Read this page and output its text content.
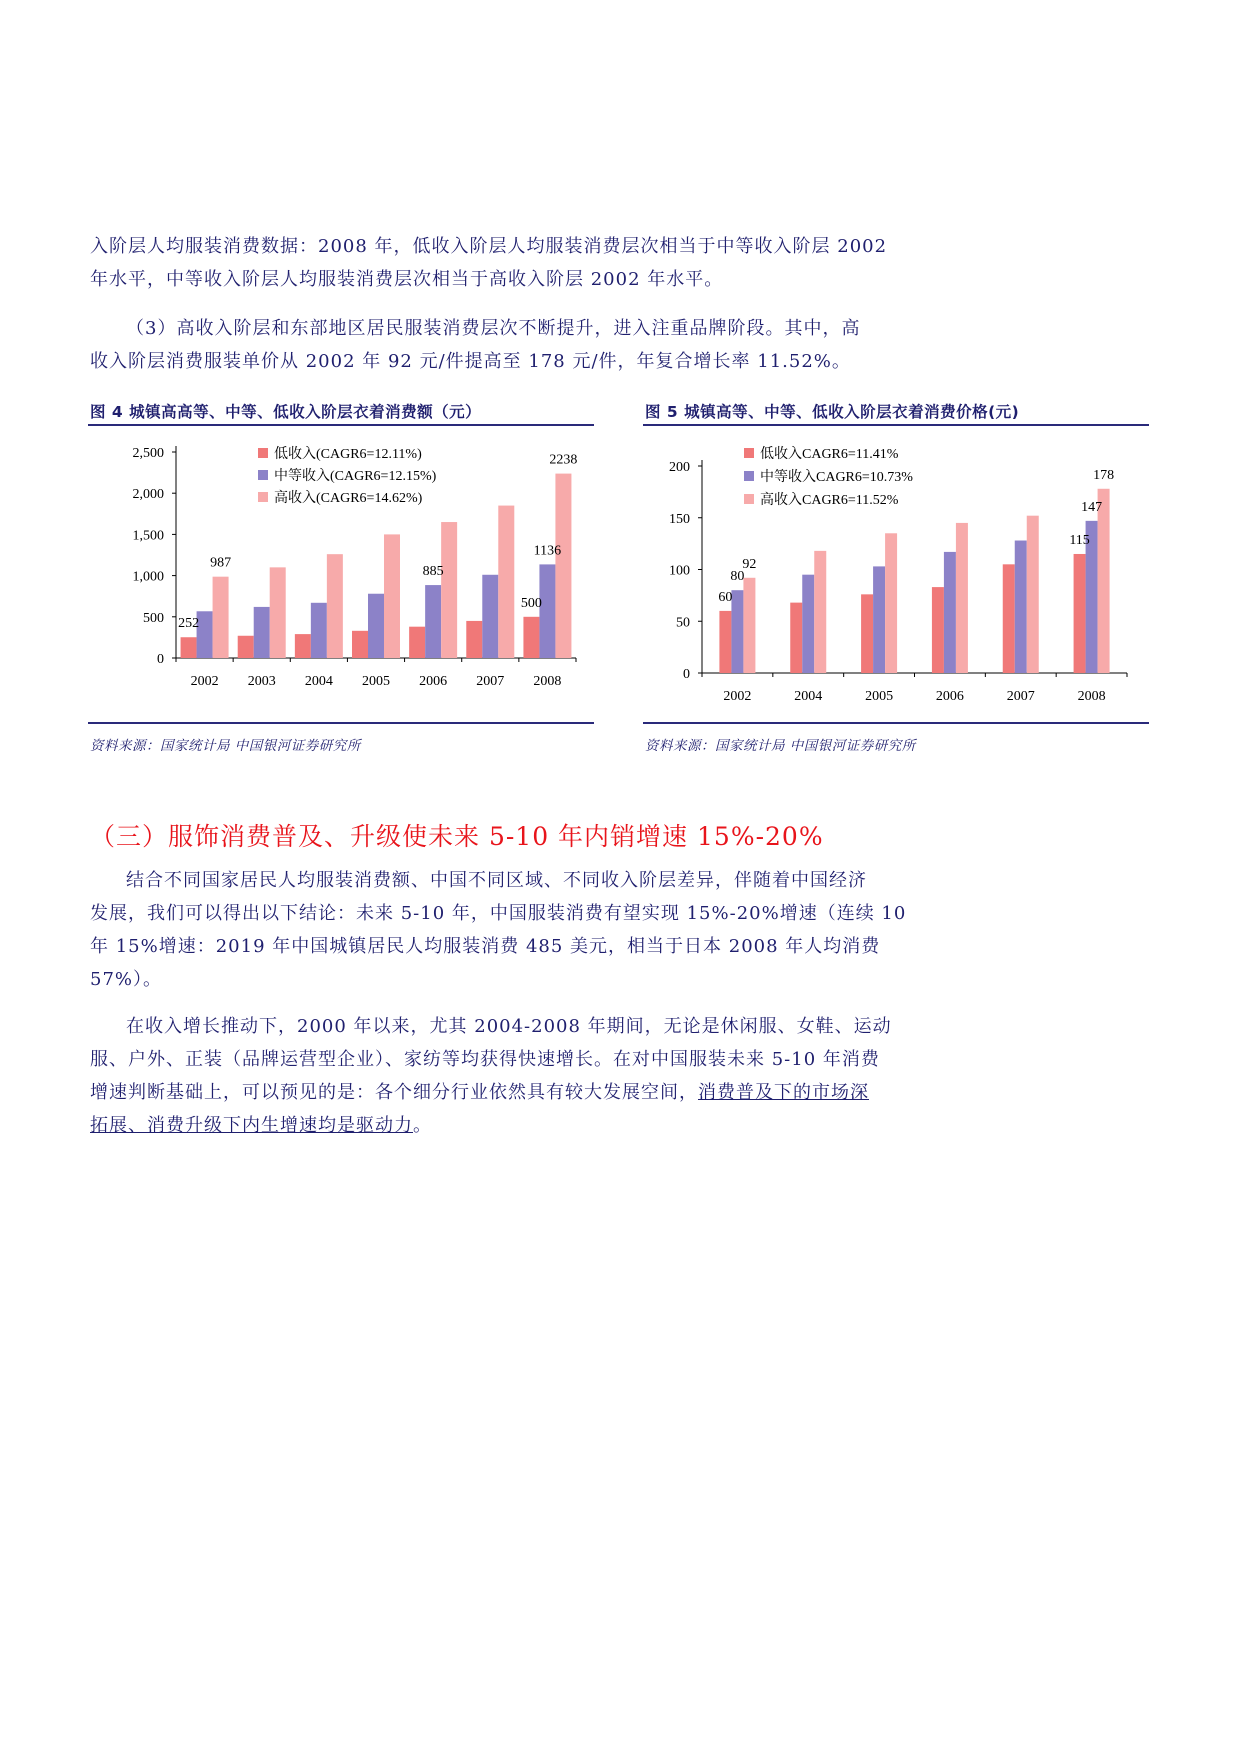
入阶层人均服装消费数据：2008 年，低收入阶层人均服装消费层次相当于中等收入阶层 2002
年水平，中等收入阶层人均服装消费层次相当于高收入阶层 2002 年水平。
（3）高收入阶层和东部地区居民服装消费层次不断提升，进入注重品牌阶段。其中，高
收入阶层消费服装单价从 2002 年 92 元/件提高至 178 元/件，年复合增长率 11.52%。
图 4 城镇高高等、中等、低收入阶层衣着消费额（元）
0
500
1,000
1,500
2,000
2,500
2002 2003 2004 2005 2006 2007 2008
252
987
885
500
1136
2238
低收入(CAGR6=12.11%)
中等收入(CAGR6=12.15%)
高收入(CAGR6=14.62%)
资料来源：国家统计局 中国银河证券研究所
图 5 城镇高等、中等、低收入阶层衣着消费价格(元)
0
50
100
150
200
2002	2004	2005	2006	2007	2008
60
80
92
115
147
178
低收入CAGR6=11.41%
中等收入CAGR6=10.73%
高收入CAGR6=11.52%
资料来源：国家统计局 中国银河证券研究所
（三）服饰消费普及、升级使未来 5-10 年内销增速 15%-20%
结合不同国家居民人均服装消费额、中国不同区域、不同收入阶层差异，伴随着中国经济
发展，我们可以得出以下结论：未来 5-10 年，中国服装消费有望实现 15%-20%增速（连续 10
年 15%增速：2019 年中国城镇居民人均服装消费 485 美元，相当于日本 2008 年人均消费
57%）。
在收入增长推动下，2000 年以来，尤其 2004-2008 年期间，无论是休闲服、女鞋、运动
服、户外、正装（品牌运营型企业）、家纺等均获得快速增长。在对中国服装未来 5-10 年消费
增速判断基础上，可以预见的是：各个细分行业依然具有较大发展空间，消费普及下的市场深
拓展、消费升级下内生增速均是驱动力。
